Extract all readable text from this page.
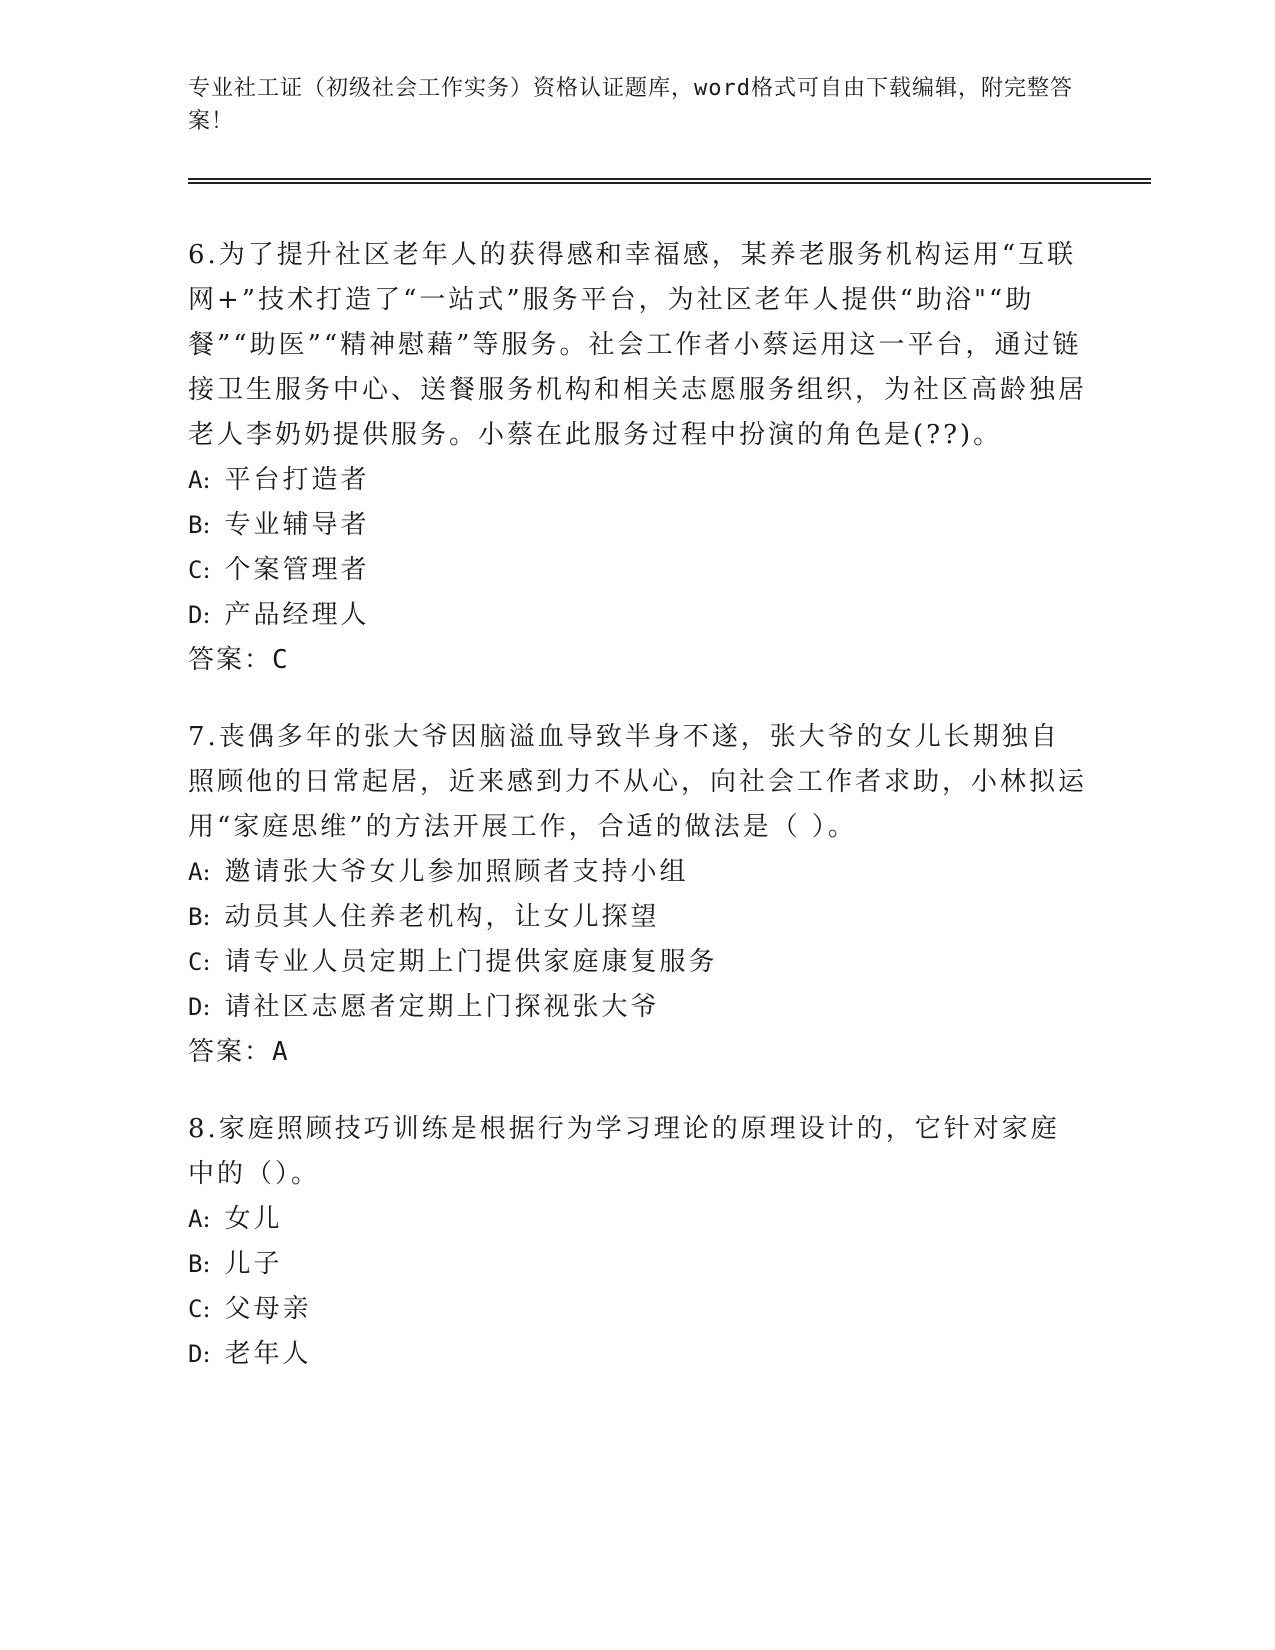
专业社工证（初级社会工作实务）资格认证题库，word格式可自由下载编辑，附完整答案！

6.为了提升社区老年人的获得感和幸福感，某养老服务机构运用“互联网+”技术打造了“一站式”服务平台，为社区老年人提供“助浴"“助餐”“助医”“精神慰藉”等服务。社会工作者小蔡运用这一平台，通过链接卫生服务中心、送餐服务机构和相关志愿服务组织，为社区高龄独居老人李奶奶提供服务。小蔡在此服务过程中扮演的角色是(??)。

A: 平台打造者
B: 专业辅导者
C: 个案管理者
D: 产品经理人
答案：C

7.丧偶多年的张大爷因脑溢血导致半身不遂，张大爷的女儿长期独自照顾他的日常起居，近来感到力不从心，向社会工作者求助，小林拟运用“家庭思维”的方法开展工作，合适的做法是（ ）。

A: 邀请张大爷女儿参加照顾者支持小组
B: 动员其人住养老机构，让女儿探望
C: 请专业人员定期上门提供家庭康复服务
D: 请社区志愿者定期上门探视张大爷
答案：A

8.家庭照顾技巧训练是根据行为学习理论的原理设计的，它针对家庭中的（）。

A: 女儿
B: 儿子
C: 父母亲
D: 老年人
